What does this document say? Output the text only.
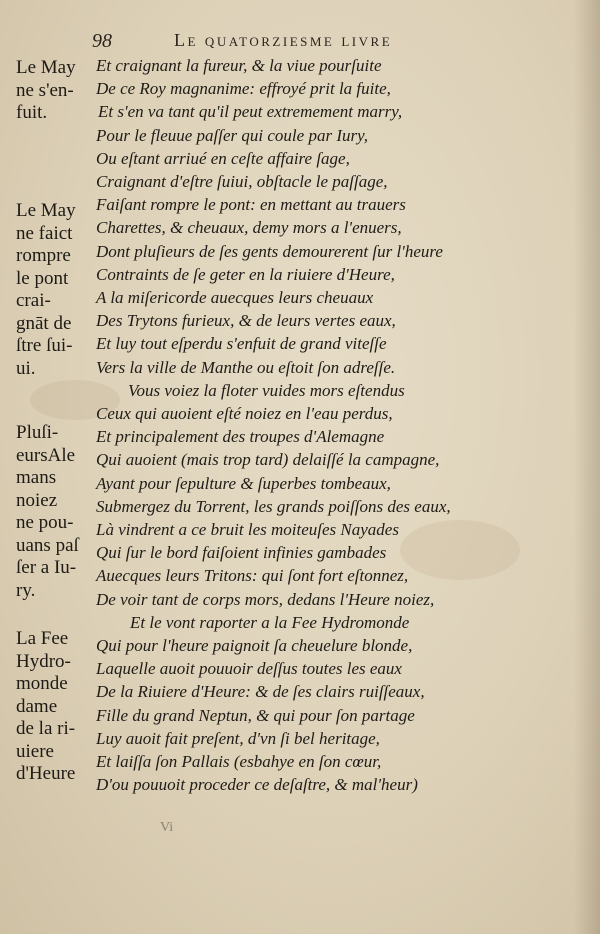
98	Le quatorziesme livre
Le May
ne s'en-
fuit.
Le May
ne faict
rompre
le pont
crai-
gnāt de
ſtre ſui-
ui.
Pluſi-
eursAle
mans
noiez
ne pou-
uans paſ
ſer a Iu-
ry.
La Fee
Hydro-
monde
dame
de la ri-
uiere
d'Heure
Et craignant la fureur, & la viue pourſuite
De ce Roy magnanime: effroyé prit la fuite,
Et s'en va tant qu'il peut extremement marry,
Pour le fleuue paſſer qui coule par Iury,
Ou eſtant arriué en ceſte affaire ſage,
Craignant d'eſtre ſuiui, obſtacle le paſſage,
Faiſant rompre le pont: en mettant au trauers
Charettes, & cheuaux, demy mors a l'enuers,
Dont pluſieurs de ſes gents demourerent ſur l'heure
Contraints de ſe geter en la riuiere d'Heure,
A la miſericorde auecques leurs cheuaux
Des Trytons furieux, & de leurs vertes eaux,
Et luy tout eſperdu s'enfuit de grand viteſſe
Vers la ville de Manthe ou eſtoit ſon adreſſe.
Vous voiez la floter vuides mors eſtendus
Ceux qui auoient eſté noiez en l'eau perdus,
Et principalement des troupes d'Alemagne
Qui auoient (mais trop tard) delaiſſé la campagne,
Ayant pour ſepulture & ſuperbes tombeaux,
Submergez du Torrent, les grands poiſſons des eaux,
Là vindrent a ce bruit les moiteuſes Nayades
Qui ſur le bord faiſoient infinies gambades
Auecques leurs Tritons: qui ſont fort eſtonnez,
De voir tant de corps mors, dedans l'Heure noiez,
Et le vont raporter a la Fee Hydromonde
Qui pour l'heure paignoit ſa cheuelure blonde,
Laquelle auoit pouuoir deſſus toutes les eaux
De la Riuiere d'Heure: & de ſes clairs ruiſſeaux,
Fille du grand Neptun, & qui pour ſon partage
Luy auoit fait preſent, d'vn ſi bel heritage,
Et laiſſa ſon Pallais (esbahye en ſon cœur,
D'ou pouuoit proceder ce deſaſtre, & mal'heur)
Vi
